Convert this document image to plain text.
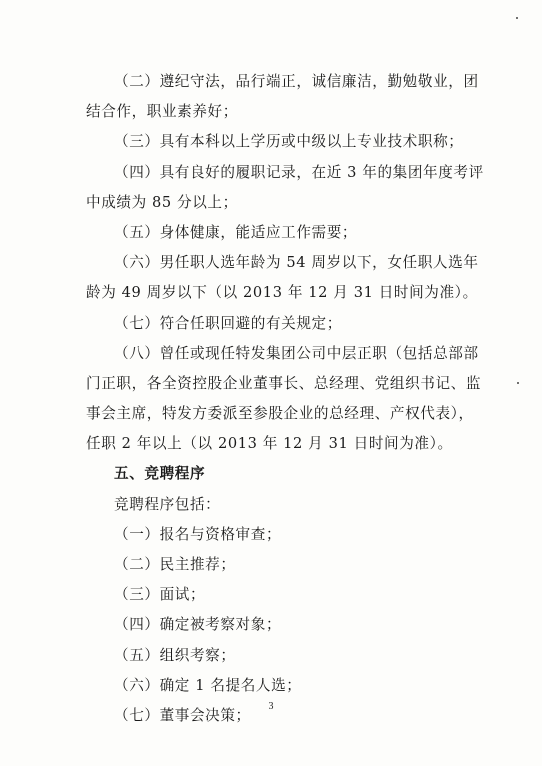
（二）遵纪守法，品行端正，诚信廉洁，勤勉敬业，团
结合作，职业素养好；
（三）具有本科以上学历或中级以上专业技术职称；
（四）具有良好的履职记录，在近 3 年的集团年度考评
中成绩为 85 分以上；
（五）身体健康，能适应工作需要；
（六）男任职人选年龄为 54 周岁以下，女任职人选年
龄为 49 周岁以下（以 2013 年 12 月 31 日时间为准）。
（七）符合任职回避的有关规定；
（八）曾任或现任特发集团公司中层正职（包括总部部
门正职，各全资控股企业董事长、总经理、党组织书记、监
事会主席，特发方委派至参股企业的总经理、产权代表），
任职 2 年以上（以 2013 年 12 月 31 日时间为准）。
五、竞聘程序
竞聘程序包括：
（一）报名与资格审查；
（二）民主推荐；
（三）面试；
（四）确定被考察对象；
（五）组织考察；
（六）确定 1 名提名人选；
（七）董事会决策；
3
